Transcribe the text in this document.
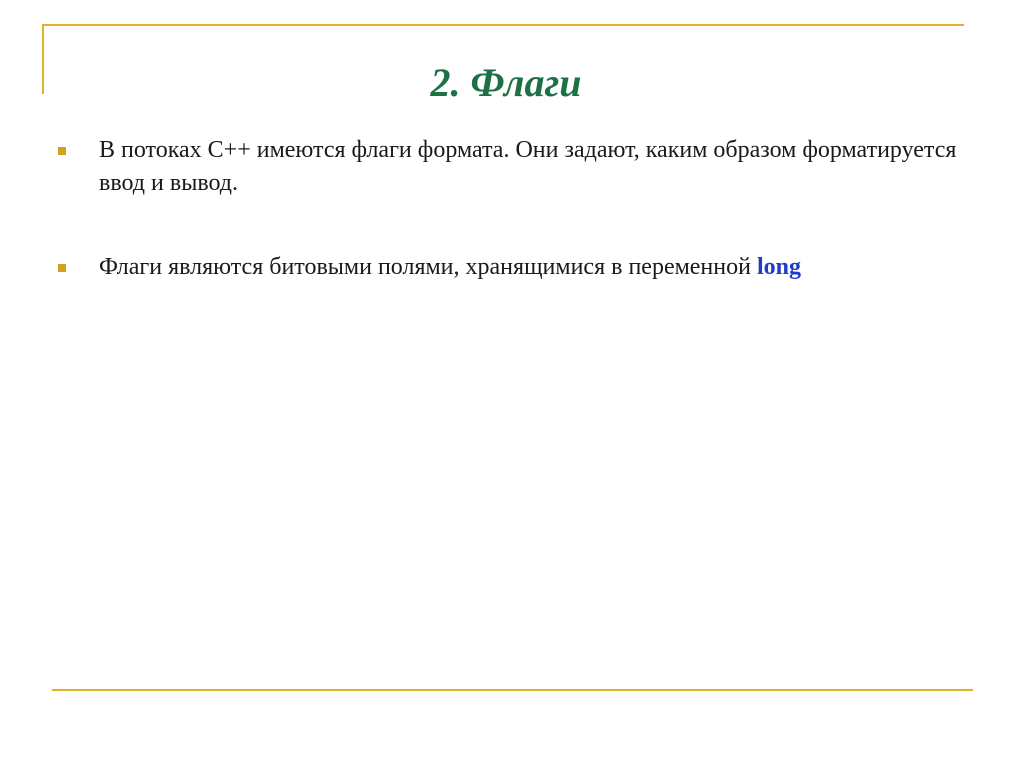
2. Флаги
В потоках С++ имеются флаги формата. Они задают, каким образом форматируется ввод и вывод.
Флаги являются битовыми полями, хранящимися в переменной long
